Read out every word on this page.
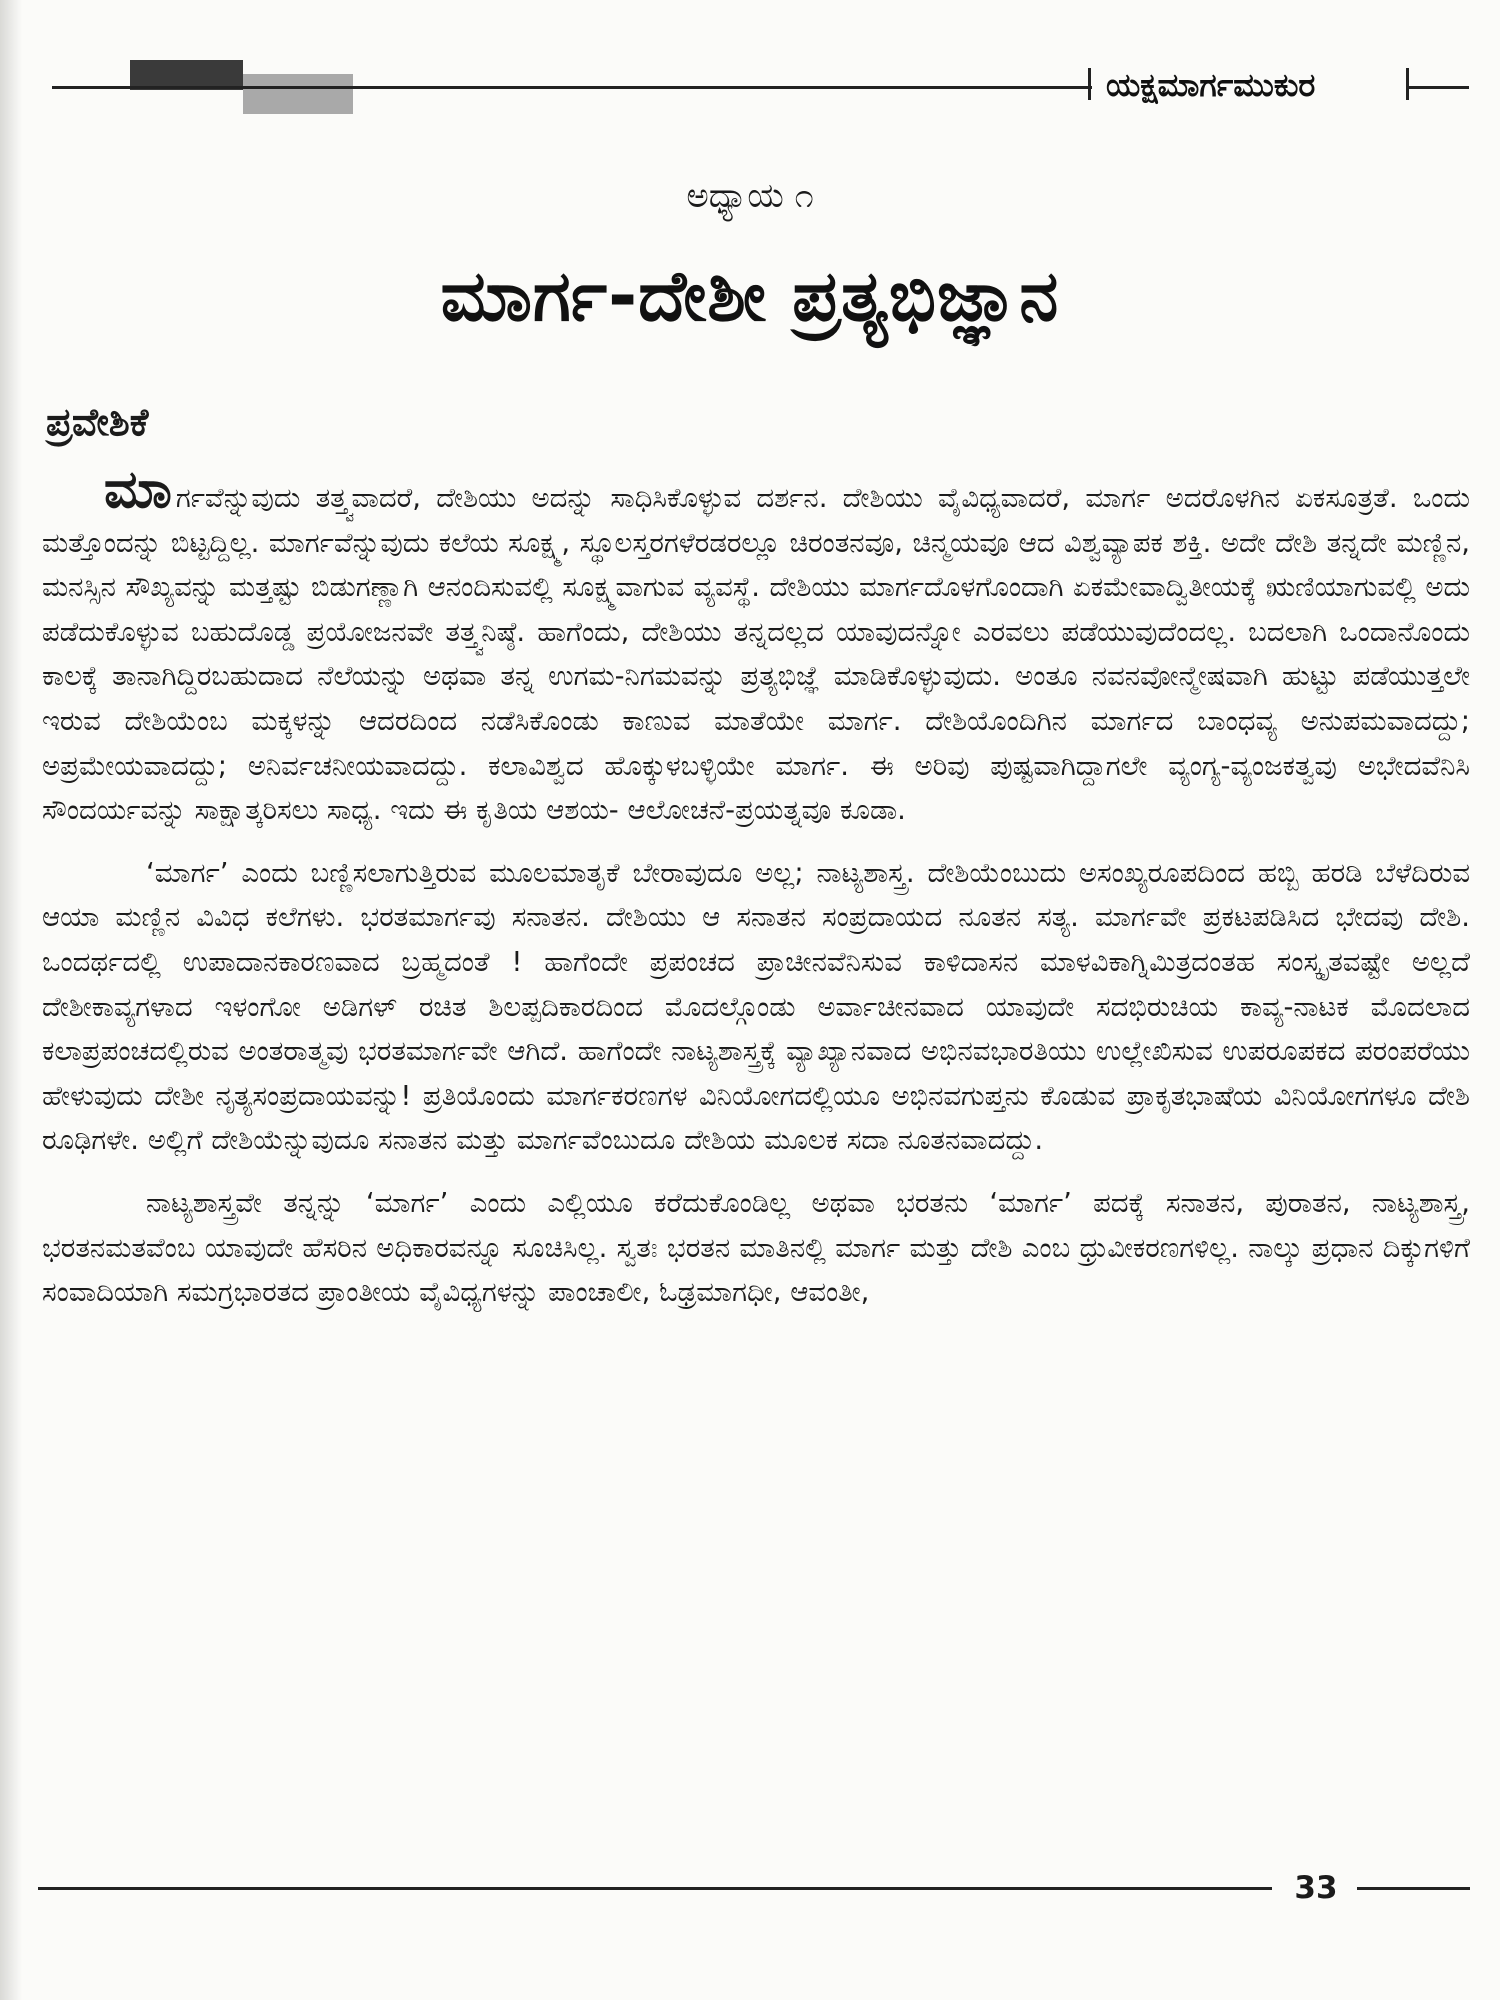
ಯಕ್ಷಮಾರ್ಗಮುಕುರ
ಅಧ್ಯಾಯ ೧
ಮಾರ್ಗ-ದೇಶೀ ಪ್ರತ್ಯಭಿಜ್ಞಾನ
ಪ್ರವೇಶಿಕೆ

ಮಾರ್ಗವೆನ್ನುವುದು ತತ್ತ್ವವಾದರೆ, ದೇಶಿಯು ಅದನ್ನು ಸಾಧಿಸಿಕೊಳ್ಳುವ ದರ್ಶನ. ದೇಶಿಯು ವೈವಿಧ್ಯವಾದರೆ, ಮಾರ್ಗ ಅದರೊಳಗಿನ ಏಕಸೂತ್ರತೆ. ಒಂದು ಮತ್ತೊಂದನ್ನು ಬಿಟ್ಟದ್ದಿಲ್ಲ. ಮಾರ್ಗವೆನ್ನುವುದು ಕಲೆಯ ಸೂಕ್ಷ್ಮ, ಸ್ಥೂಲಸ್ತರಗಳೆರಡರಲ್ಲೂ ಚಿರಂತನವೂ, ಚಿನ್ಮಯವೂ ಆದ ವಿಶ್ವವ್ಯಾಪಕ ಶಕ್ತಿ. ಅದೇ ದೇಶಿ ತನ್ನದೇ ಮಣ್ಣಿನ, ಮನಸ್ಸಿನ ಸೌಖ್ಯವನ್ನು ಮತ್ತಷ್ಟು ಬಿಡುಗಣ್ಣಾಗಿ ಆನಂದಿಸುವಲ್ಲಿ ಸೂಕ್ಷ್ಮವಾಗುವ ವ್ಯವಸ್ಥೆ. ದೇಶಿಯು ಮಾರ್ಗದೊಳಗೊಂದಾಗಿ ಏಕಮೇವಾದ್ವಿತೀಯಕ್ಕೆ ಋಣಿಯಾಗುವಲ್ಲಿ ಅದು ಪಡೆದುಕೊಳ್ಳುವ ಬಹುದೊಡ್ಡ ಪ್ರಯೋಜನವೇ ತತ್ತ್ವನಿಷ್ಠೆ. ಹಾಗೆಂದು, ದೇಶಿಯು ತನ್ನದಲ್ಲದ ಯಾವುದನ್ನೋ ಎರವಲು ಪಡೆಯುವುದೆಂದಲ್ಲ. ಬದಲಾಗಿ ಒಂದಾನೊಂದು ಕಾಲಕ್ಕೆ ತಾನಾಗಿದ್ದಿರಬಹುದಾದ ನೆಲೆಯನ್ನು ಅಥವಾ ತನ್ನ ಉಗಮ-ನಿಗಮವನ್ನು ಪ್ರತ್ಯಭಿಜ್ಞೆ ಮಾಡಿಕೊಳ್ಳುವುದು. ಅಂತೂ ನವನವೋನ್ಮೇಷವಾಗಿ ಹುಟ್ಟು ಪಡೆಯುತ್ತಲೇ ಇರುವ ದೇಶಿಯೆಂಬ ಮಕ್ಕಳನ್ನು ಆದರದಿಂದ ನಡೆಸಿಕೊಂಡು ಕಾಣುವ ಮಾತೆಯೇ ಮಾರ್ಗ. ದೇಶಿಯೊಂದಿಗಿನ ಮಾರ್ಗದ ಬಾಂಧವ್ಯ ಅನುಪಮವಾದದ್ದು; ಅಪ್ರಮೇಯವಾದದ್ದು; ಅನಿರ್ವಚನೀಯವಾದದ್ದು. ಕಲಾವಿಶ್ವದ ಹೊಕ್ಕುಳಬಳ್ಳಿಯೇ ಮಾರ್ಗ. ಈ ಅರಿವು ಪುಷ್ಟವಾಗಿದ್ದಾಗಲೇ ವ್ಯಂಗ್ಯ-ವ್ಯಂಜಕತ್ವವು ಅಭೇದವೆನಿಸಿ ಸೌಂದರ್ಯವನ್ನು ಸಾಕ್ಷಾತ್ಕರಿಸಲು ಸಾಧ್ಯ. ಇದು ಈ ಕೃತಿಯ ಆಶಯ- ಆಲೋಚನೆ-ಪ್ರಯತ್ನವೂ ಕೂಡಾ.

‘ಮಾರ್ಗ’ ಎಂದು ಬಣ್ಣಿಸಲಾಗುತ್ತಿರುವ ಮೂಲಮಾತೃಕೆ ಬೇರಾವುದೂ ಅಲ್ಲ; ನಾಟ್ಯಶಾಸ್ತ್ರ. ದೇಶಿಯೆಂಬುದು ಅಸಂಖ್ಯರೂಪದಿಂದ ಹಬ್ಬಿ ಹರಡಿ ಬೆಳೆದಿರುವ ಆಯಾ ಮಣ್ಣಿನ ವಿವಿಧ ಕಲೆಗಳು. ಭರತಮಾರ್ಗವು ಸನಾತನ. ದೇಶಿಯು ಆ ಸನಾತನ ಸಂಪ್ರದಾಯದ ನೂತನ ಸತ್ಯ. ಮಾರ್ಗವೇ ಪ್ರಕಟಪಡಿಸಿದ ಭೇದವು ದೇಶಿ. ಒಂದರ್ಥದಲ್ಲಿ ಉಪಾದಾನಕಾರಣವಾದ ಬ್ರಹ್ಮದಂತೆ ! ಹಾಗೆಂದೇ ಪ್ರಪಂಚದ ಪ್ರಾಚೀನವೆನಿಸುವ ಕಾಳಿದಾಸನ ಮಾಳವಿಕಾಗ್ನಿಮಿತ್ರದಂತಹ ಸಂಸ್ಕೃತವಷ್ಟೇ ಅಲ್ಲದೆ ದೇಶೀಕಾವ್ಯಗಳಾದ ಇಳಂಗೋ ಅಡಿಗಳ್ ರಚಿತ ಶಿಲಪ್ಪದಿಕಾರದಿಂದ ಮೊದಲ್ಗೊಂಡು ಅರ್ವಾಚೀನವಾದ ಯಾವುದೇ ಸದಭಿರುಚಿಯ ಕಾವ್ಯ-ನಾಟಕ ಮೊದಲಾದ ಕಲಾಪ್ರಪಂಚದಲ್ಲಿರುವ ಅಂತರಾತ್ಮವು ಭರತಮಾರ್ಗವೇ ಆಗಿದೆ. ಹಾಗೆಂದೇ ನಾಟ್ಯಶಾಸ್ತ್ರಕ್ಕೆ ವ್ಯಾಖ್ಯಾನವಾದ ಅಭಿನವಭಾರತಿಯು ಉಲ್ಲೇಖಿಸುವ ಉಪರೂಪಕದ ಪರಂಪರೆಯು ಹೇಳುವುದು ದೇಶೀ ನೃತ್ಯಸಂಪ್ರದಾಯವನ್ನು! ಪ್ರತಿಯೊಂದು ಮಾರ್ಗಕರಣಗಳ ವಿನಿಯೋಗದಲ್ಲಿಯೂ ಅಭಿನವಗುಪ್ತನು ಕೊಡುವ ಪ್ರಾಕೃತಭಾಷೆಯ ವಿನಿಯೋಗಗಳೂ ದೇಶಿ ರೂಢಿಗಳೇ. ಅಲ್ಲಿಗೆ ದೇಶಿಯೆನ್ನುವುದೂ ಸನಾತನ ಮತ್ತು ಮಾರ್ಗವೆಂಬುದೂ ದೇಶಿಯ ಮೂಲಕ ಸದಾ ನೂತನವಾದದ್ದು.

ನಾಟ್ಯಶಾಸ್ತ್ರವೇ ತನ್ನನ್ನು ‘ಮಾರ್ಗ’ ಎಂದು ಎಲ್ಲಿಯೂ ಕರೆದುಕೊಂಡಿಲ್ಲ ಅಥವಾ ಭರತನು ‘ಮಾರ್ಗ’ ಪದಕ್ಕೆ ಸನಾತನ, ಪುರಾತನ, ನಾಟ್ಯಶಾಸ್ತ್ರ, ಭರತನಮತವೆಂಬ ಯಾವುದೇ ಹೆಸರಿನ ಅಧಿಕಾರವನ್ನೂ ಸೂಚಿಸಿಲ್ಲ. ಸ್ವತಃ ಭರತನ ಮಾತಿನಲ್ಲಿ ಮಾರ್ಗ ಮತ್ತು ದೇಶಿ ಎಂಬ ಧ್ರುವೀಕರಣಗಳಿಲ್ಲ. ನಾಲ್ಕು ಪ್ರಧಾನ ದಿಕ್ಕುಗಳಿಗೆ ಸಂವಾದಿಯಾಗಿ ಸಮಗ್ರಭಾರತದ ಪ್ರಾಂತೀಯ ವೈವಿಧ್ಯಗಳನ್ನು ಪಾಂಚಾಲೀ, ಓಢ್ರಮಾಗಧೀ, ಆವಂತೀ,

33
